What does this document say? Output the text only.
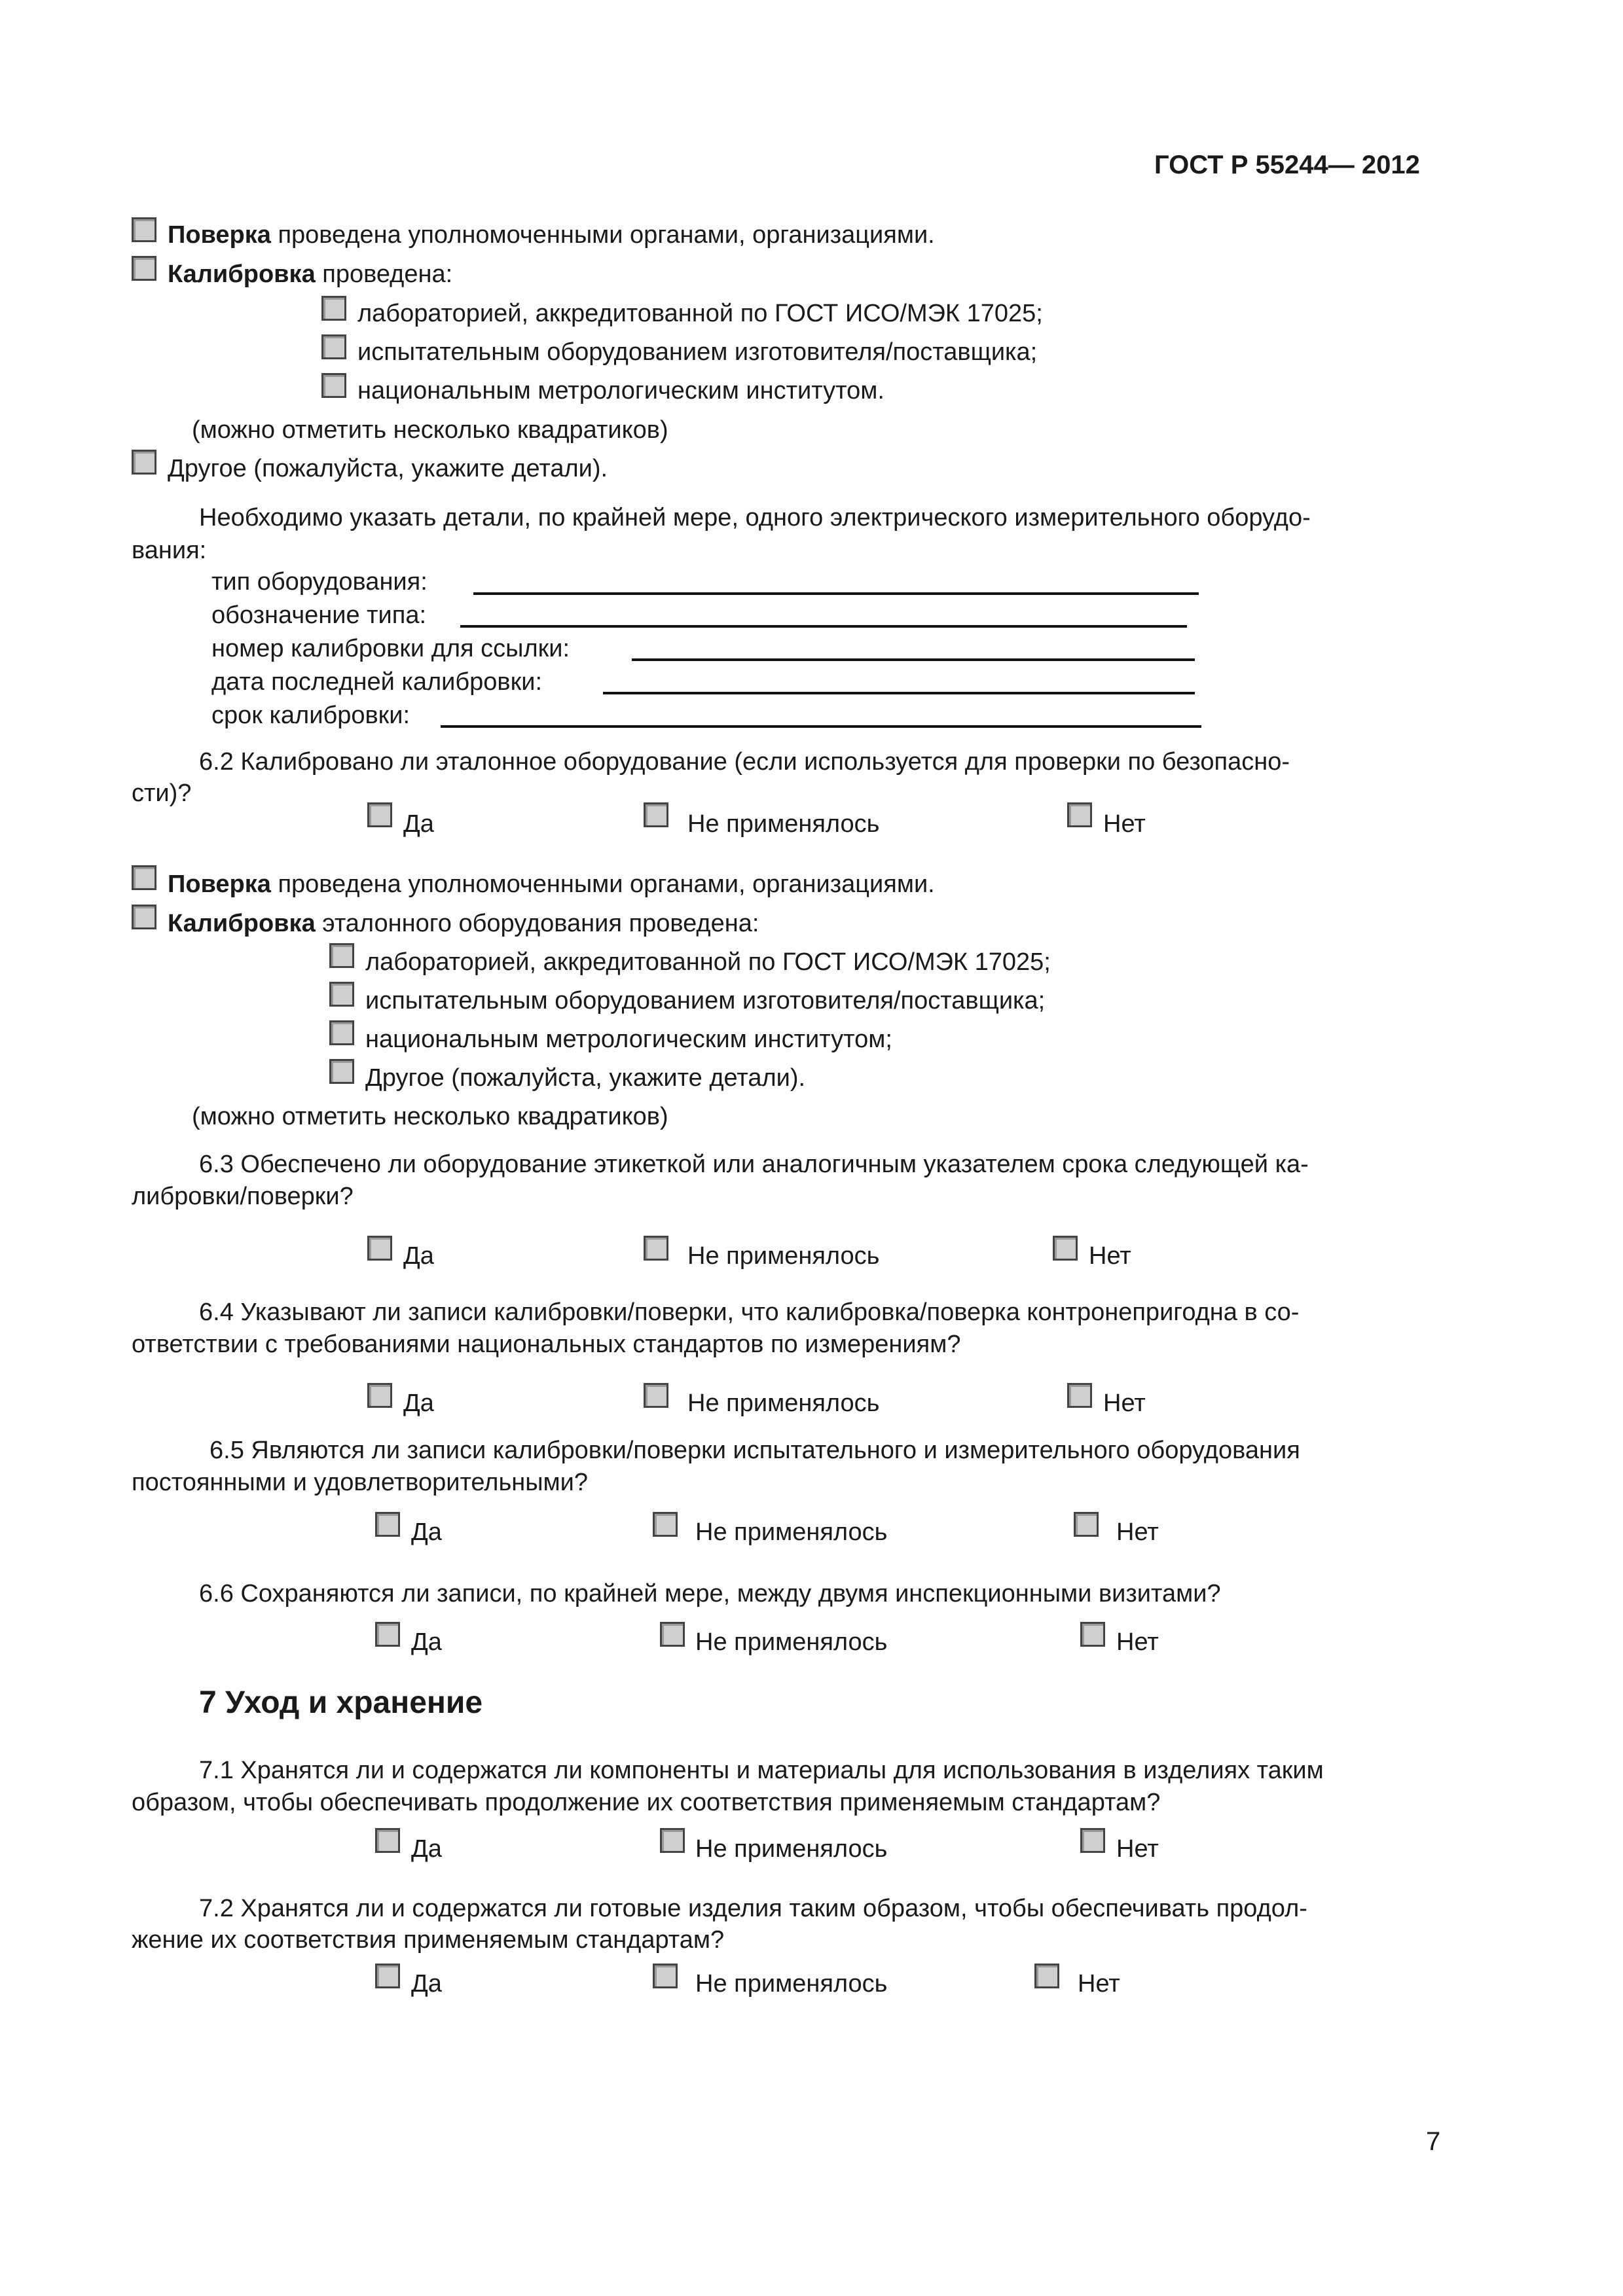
ГОСТ Р 55244— 2012
Поверка проведена уполномоченными органами, организациями.
Калибровка проведена:
лабораторией, аккредитованной по ГОСТ ИСО/МЭК 17025;
испытательным оборудованием изготовителя/поставщика;
национальным метрологическим институтом.
(можно отметить несколько квадратиков)
Другое (пожалуйста, укажите детали).
Необходимо указать детали, по крайней мере, одного электрического измерительного оборудо-
вания:
тип оборудования:
обозначение типа:
номер калибровки для ссылки:
дата последней калибровки:
срок калибровки:
6.2 Калибровано ли эталонное оборудование (если используется для проверки по безопасно-
сти)?
Да	Не применялось	Нет
Поверка проведена уполномоченными органами, организациями.
Калибровка эталонного оборудования проведена:
лабораторией, аккредитованной по ГОСТ ИСО/МЭК 17025;
испытательным оборудованием изготовителя/поставщика;
национальным метрологическим институтом;
Другое (пожалуйста, укажите детали).
(можно отметить несколько квадратиков)
6.3 Обеспечено ли оборудование этикеткой или аналогичным указателем срока следующей ка-
либровки/поверки?
Да	Не применялось	Нет
6.4 Указывают ли записи калибровки/поверки, что калибровка/поверка контронепригодна в со-
ответствии с требованиями национальных стандартов по измерениям?
Да	Не применялось	Нет
6.5 Являются ли записи калибровки/поверки испытательного и измерительного оборудования
постоянными и удовлетворительными?
Да	Не применялось	Нет
6.6 Сохраняются ли записи, по крайней мере, между двумя инспекционными визитами?
Да	Не применялось	Нет
7 Уход и хранение
7.1 Хранятся ли и содержатся ли компоненты и материалы для использования в изделиях таким
образом, чтобы обеспечивать продолжение их соответствия применяемым стандартам?
Да	Не применялось	Нет
7.2 Хранятся ли и содержатся ли готовые изделия таким образом, чтобы обеспечивать продол-
жение их соответствия применяемым стандартам?
Да	Не применялось	Нет
7
